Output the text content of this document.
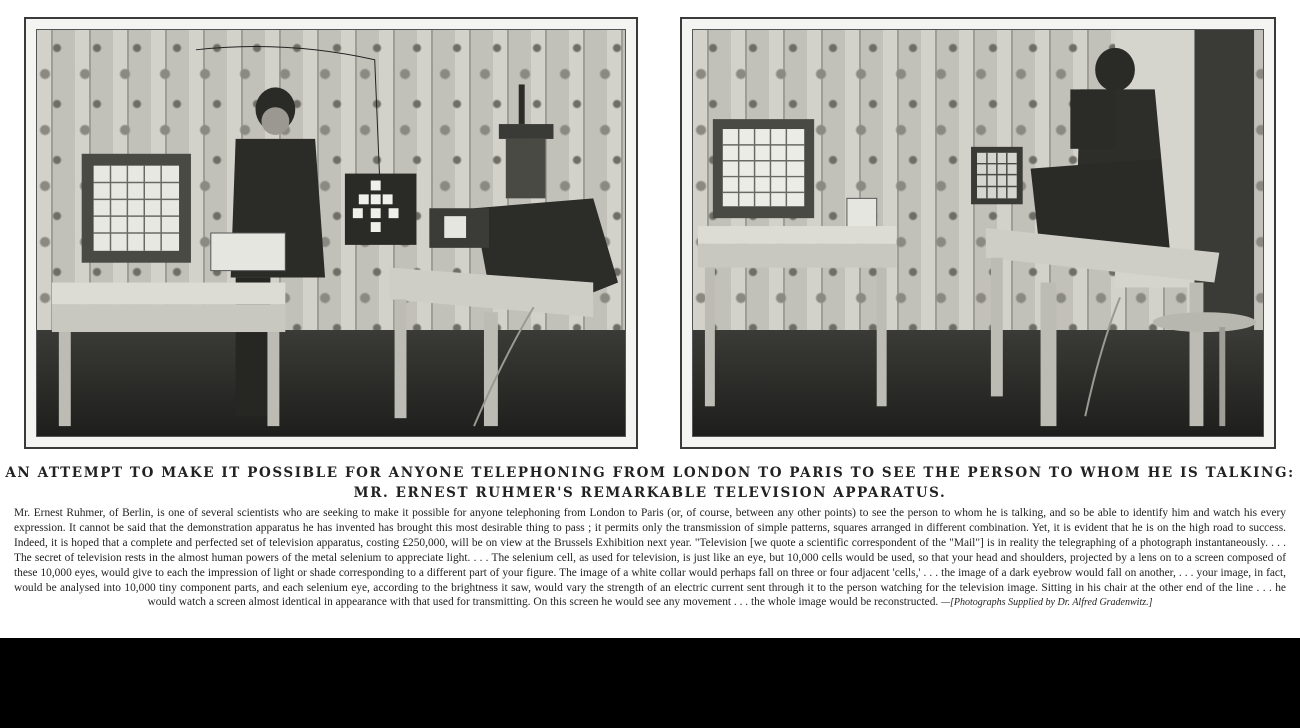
AN ATTEMPT TO MAKE IT POSSIBLE FOR ANYONE TELEPHONING FROM LONDON TO PARIS TO SEE THE PERSON TO WHOM HE IS TALKING:
MR. ERNEST RUHMER'S REMARKABLE TELEVISION APPARATUS.
Mr. Ernest Ruhmer, of Berlin, is one of several scientists who are seeking to make it possible for anyone telephoning from London to Paris (or, of course, between any other points) to see the person to whom he is talking, and so be able to identify him and watch his every expression. It cannot be said that the demonstration apparatus he has invented has brought this most desirable thing to pass ; it permits only the transmission of simple patterns, squares arranged in different combination. Yet, it is evident that he is on the high road to success. Indeed, it is hoped that a complete and perfected set of television apparatus, costing £250,000, will be on view at the Brussels Exhibition next year. "Television [we quote a scientific correspondent of the "Mail"] is in reality the telegraphing of a photograph instantaneously. . . . The secret of television rests in the almost human powers of the metal selenium to appreciate light. . . . The selenium cell, as used for television, is just like an eye, but 10,000 cells would be used, so that your head and shoulders, projected by a lens on to a screen composed of these 10,000 eyes, would give to each the impression of light or shade corresponding to a different part of your figure. The image of a white collar would perhaps fall on three or four adjacent 'cells,' . . . the image of a dark eyebrow would fall on another, . . . your image, in fact, would be analysed into 10,000 tiny component parts, and each selenium eye, according to the brightness it saw, would vary the strength of an electric current sent through it to the person watching for the television image. Sitting in his chair at the other end of the line . . . he would watch a screen almost identical in appearance with that used for transmitting. On this screen he would see any movement . . . the whole image would be reconstructed. —[Photographs Supplied by Dr. Alfred Gradenwitz.]
